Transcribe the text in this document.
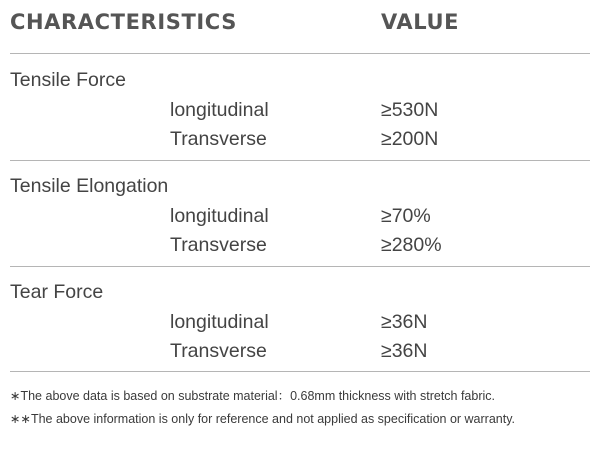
CHARACTERISTICS	VALUE
Tensile Force
longitudinal	≥530N
Transverse	≥200N
Tensile Elongation
longitudinal	≥70%
Transverse	≥280%
Tear Force
longitudinal	≥36N
Transverse	≥36N
∗The above data is based on substrate material：0.68mm thickness with stretch fabric.
∗∗The above information is only for reference and not applied as specification or warranty.
